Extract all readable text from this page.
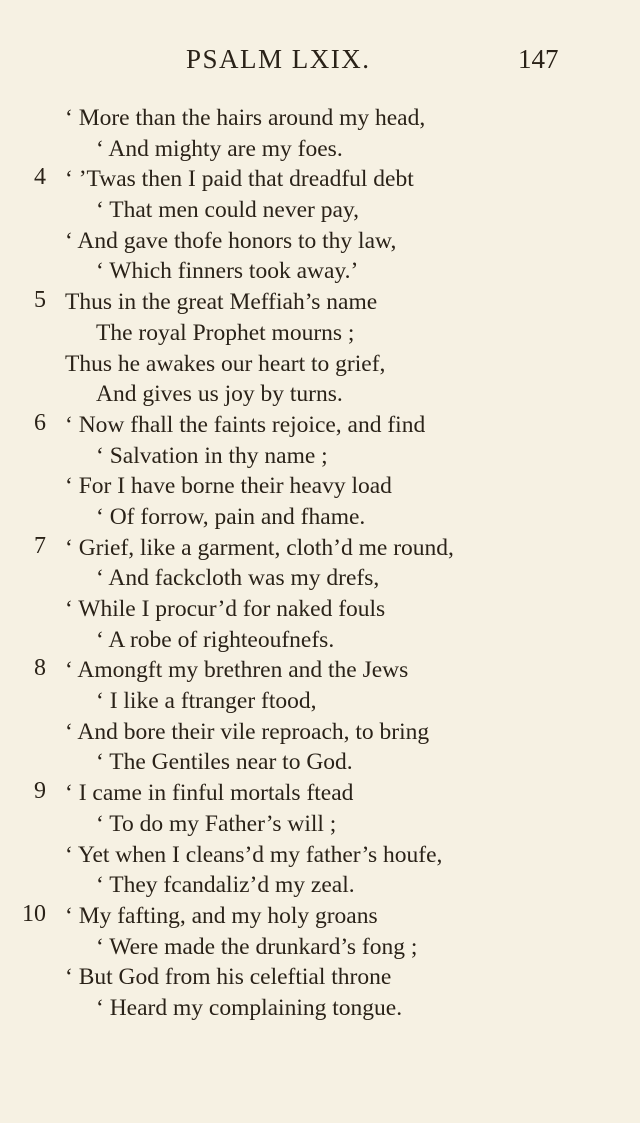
PSALM LXIX.	147
‘ More than the hairs around my head,
‘ And mighty are my foes.
4 ‘ ’Twas then I paid that dreadful debt
‘ That men could never pay,
‘ And gave thofe honors to thy law,
‘ Which finners took away.’
5 Thus in the great Meffiah’s name
The royal Prophet mourns ;
Thus he awakes our heart to grief,
And gives us joy by turns.
6 ‘ Now fhall the faints rejoice, and find
‘ Salvation in thy name ;
‘ For I have borne their heavy load
‘ Of forrow, pain and fhame.
7 ‘ Grief, like a garment, cloth’d me round,
‘ And fackcloth was my drefs,
‘ While I procur’d for naked fouls
‘ A robe of righteoufnefs.
8 ‘ Amongft my brethren and the Jews
‘ I like a ftranger ftood,
‘ And bore their vile reproach, to bring
‘ The Gentiles near to God.
9 ‘ I came in finful mortals ftead
‘ To do my Father’s will ;
‘ Yet when I cleans’d my father’s houfe,
‘ They fcandaliz’d my zeal.
10 ‘ My fafting, and my holy groans
‘ Were made the drunkard’s fong ;
‘ But God from his celeftial throne
‘ Heard my complaining tongue.
